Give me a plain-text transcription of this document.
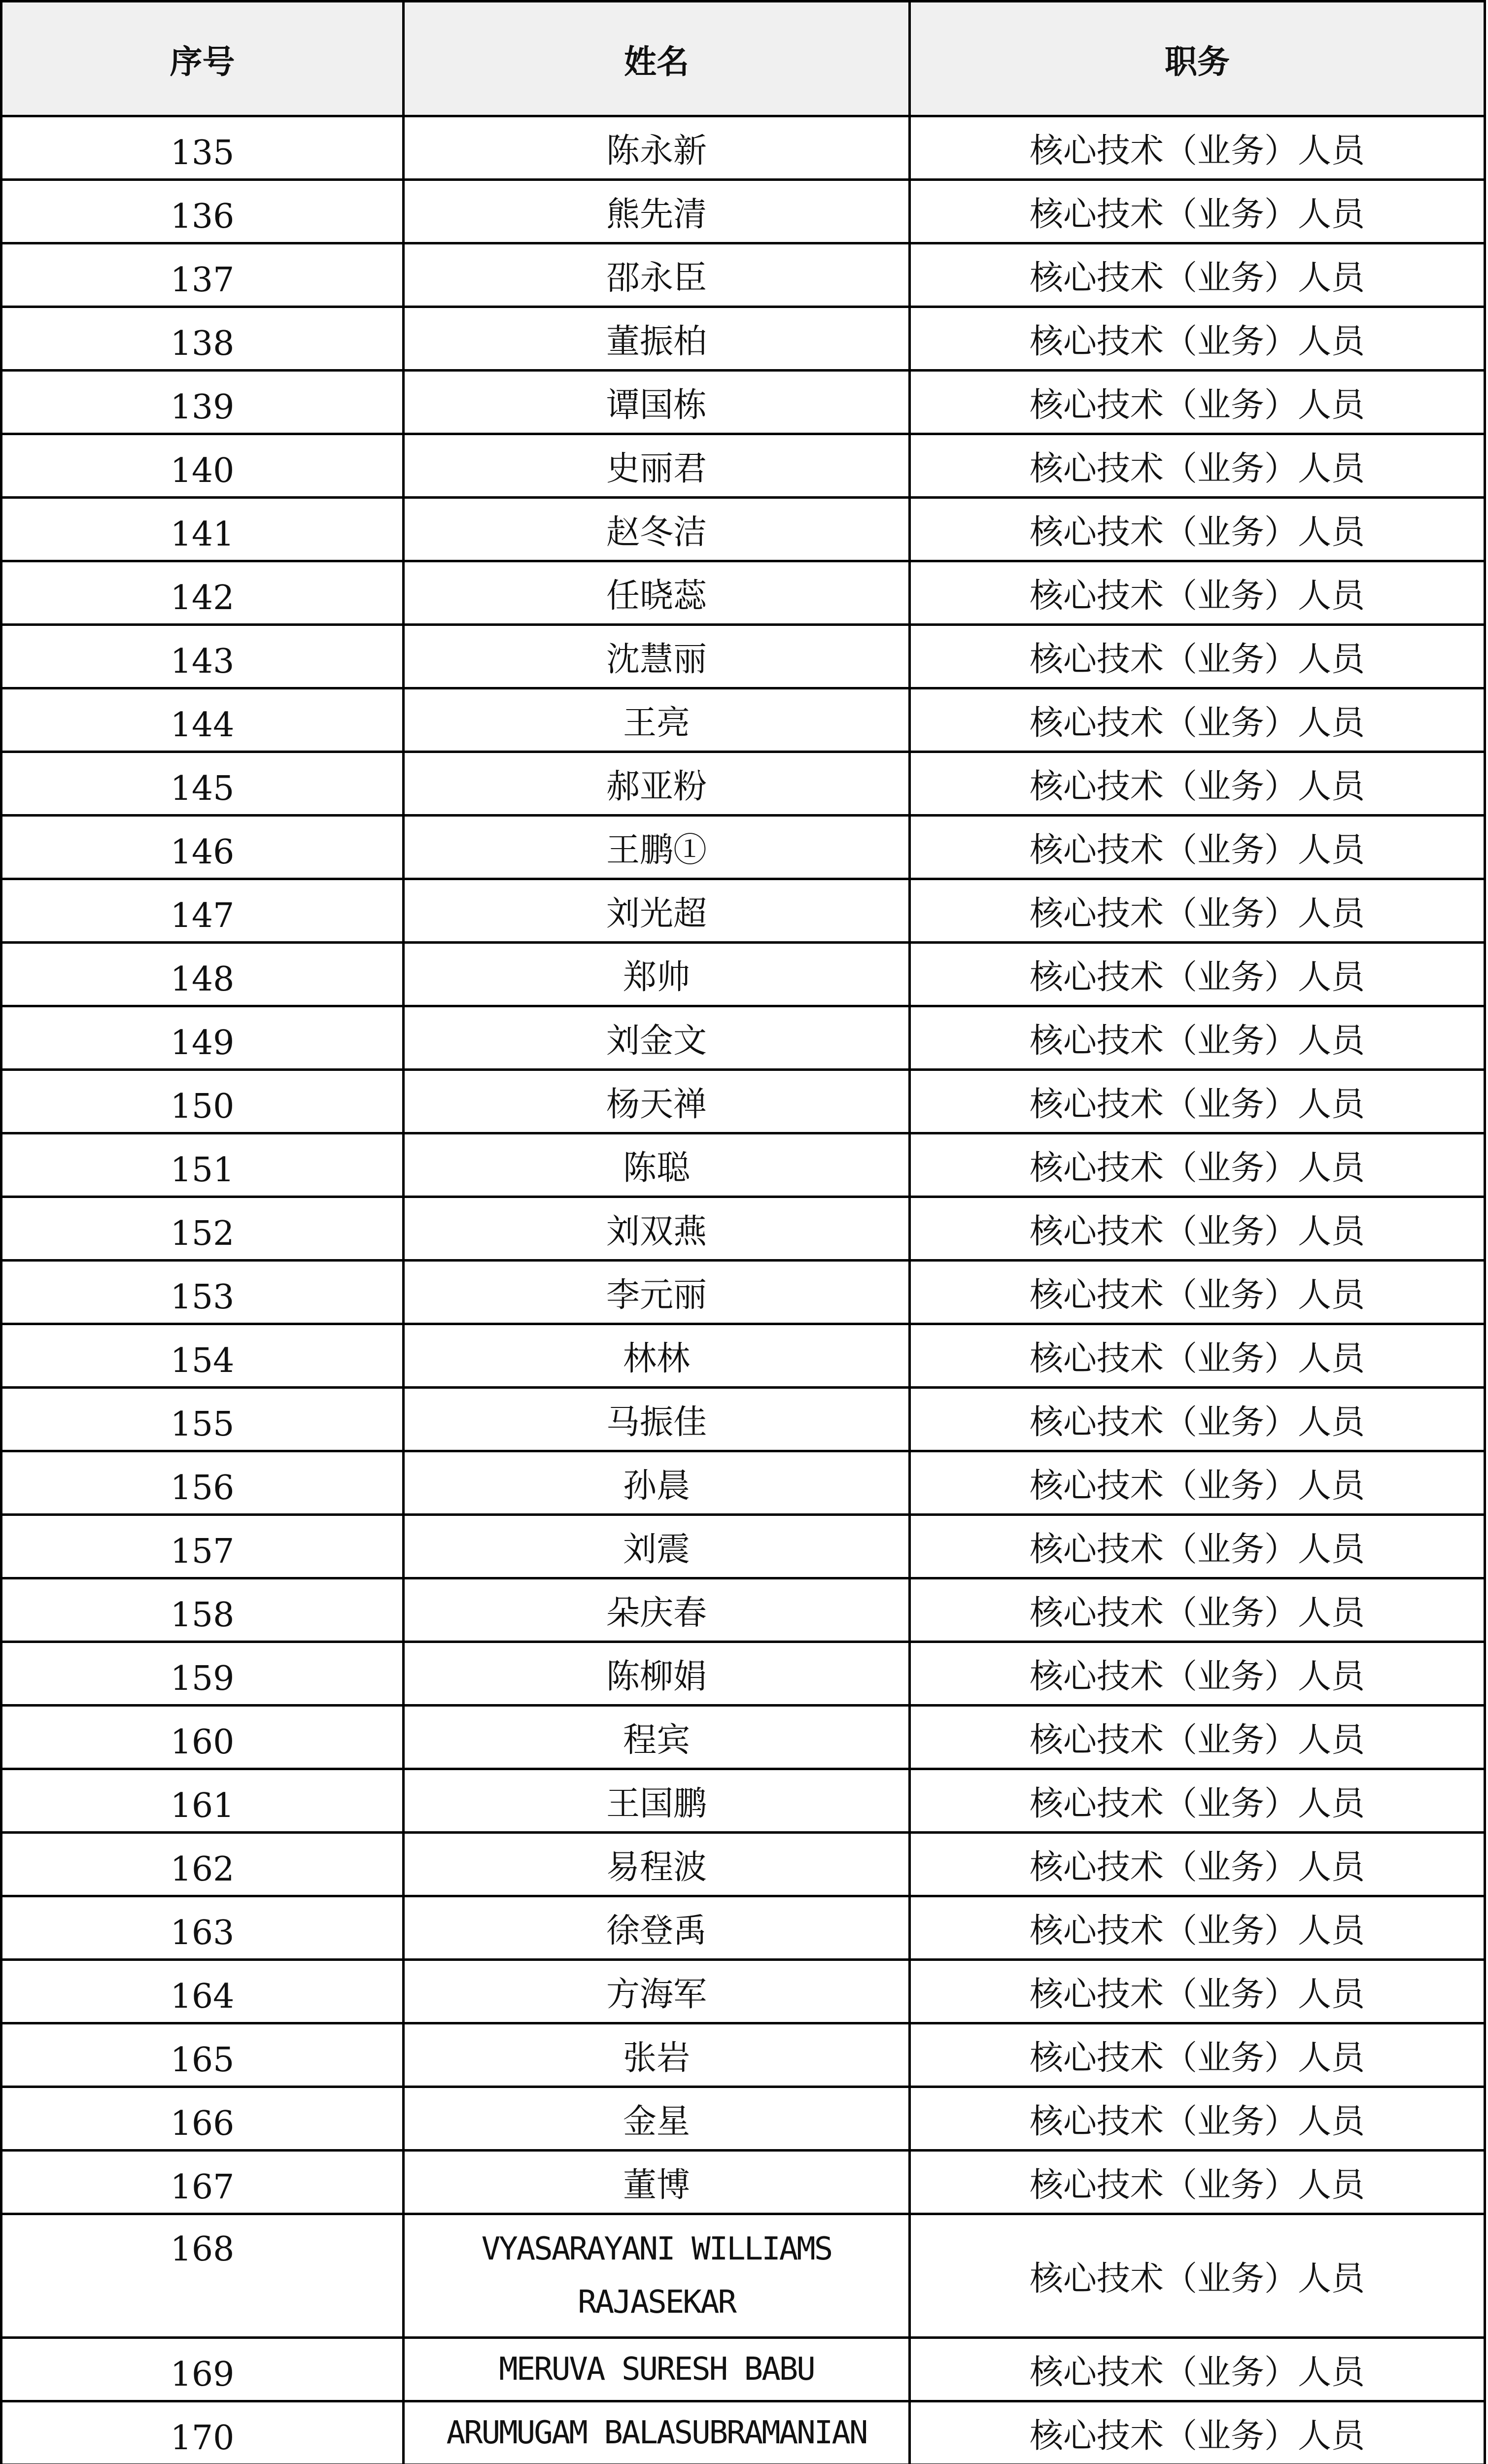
序号	姓名	职务
135	陈永新	核心技术（业务）人员
136	熊先清	核心技术（业务）人员
137	邵永臣	核心技术（业务）人员
138	董振柏	核心技术（业务）人员
139	谭国栋	核心技术（业务）人员
140	史丽君	核心技术（业务）人员
141	赵冬洁	核心技术（业务）人员
142	任晓蕊	核心技术（业务）人员
143	沈慧丽	核心技术（业务）人员
144	王亮	核心技术（业务）人员
145	郝亚粉	核心技术（业务）人员
146	王鹏①	核心技术（业务）人员
147	刘光超	核心技术（业务）人员
148	郑帅	核心技术（业务）人员
149	刘金文	核心技术（业务）人员
150	杨天禅	核心技术（业务）人员
151	陈聪	核心技术（业务）人员
152	刘双燕	核心技术（业务）人员
153	李元丽	核心技术（业务）人员
154	林林	核心技术（业务）人员
155	马振佳	核心技术（业务）人员
156	孙晨	核心技术（业务）人员
157	刘震	核心技术（业务）人员
158	朵庆春	核心技术（业务）人员
159	陈柳娟	核心技术（业务）人员
160	程宾	核心技术（业务）人员
161	王国鹏	核心技术（业务）人员
162	易程波	核心技术（业务）人员
163	徐登禹	核心技术（业务）人员
164	方海军	核心技术（业务）人员
165	张岩	核心技术（业务）人员
166	金星	核心技术（业务）人员
167	董博	核心技术（业务）人员
168	VYASARAYANI WILLIAMS RAJASEKAR	核心技术（业务）人员
169	MERUVA SURESH BABU	核心技术（业务）人员
170	ARUMUGAM BALASUBRAMANIAN	核心技术（业务）人员
